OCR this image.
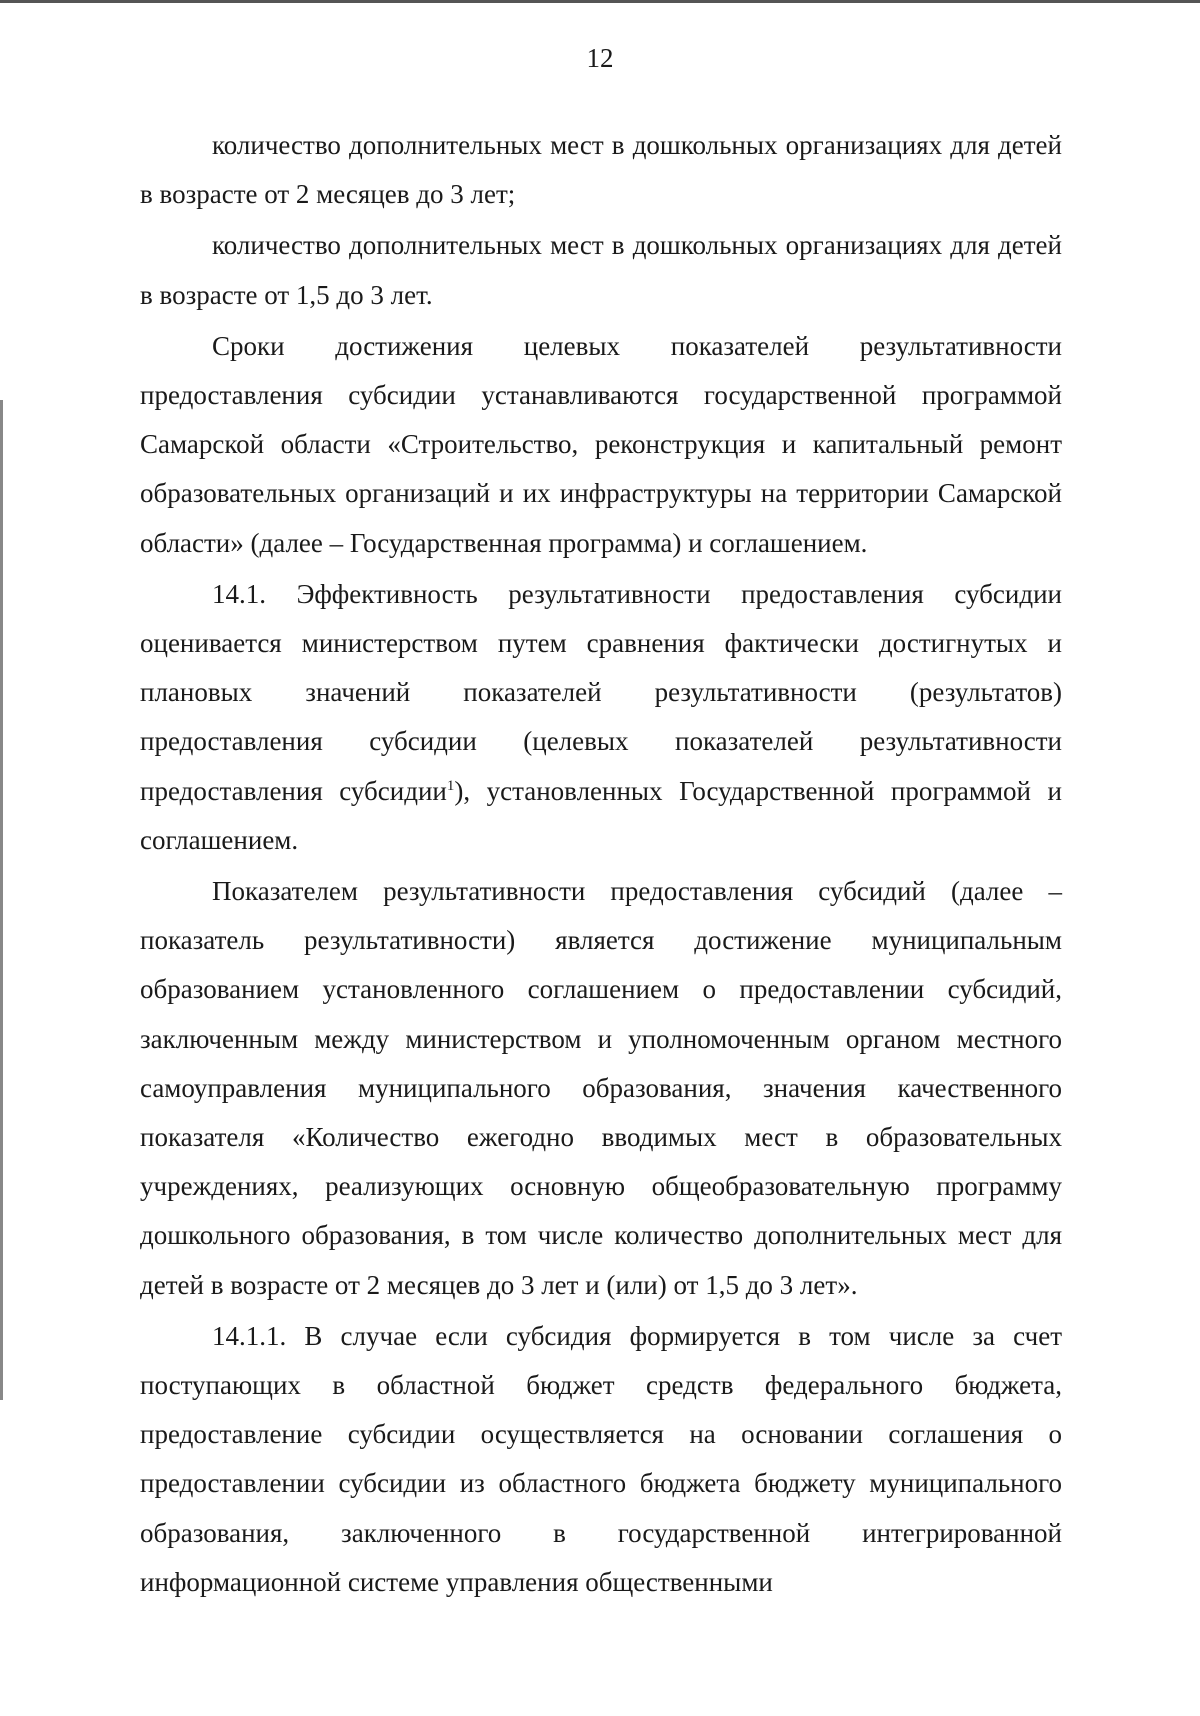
12

количество дополнительных мест в дошкольных организациях для детей в возрасте от 2 месяцев до 3 лет;

количество дополнительных мест в дошкольных организациях для детей в возрасте от 1,5 до 3 лет.

Сроки достижения целевых показателей результативности предоставления субсидии устанавливаются государственной программой Самарской области «Строительство, реконструкция и капитальный ремонт образовательных организаций и их инфраструктуры на территории Самарской области» (далее – Государственная программа) и соглашением.

14.1. Эффективность результативности предоставления субсидии оценивается министерством путем сравнения фактически достигнутых и плановых значений показателей результативности (результатов) предоставления субсидии (целевых показателей результативности предоставления субсидии$^1$), установленных Государственной программой и соглашением.

Показателем результативности предоставления субсидий (далее – показатель результативности) является достижение муниципальным образованием установленного соглашением о предоставлении субсидий, заключенным между министерством и уполномоченным органом местного самоуправления муниципального образования, значения качественного показателя «Количество ежегодно вводимых мест в образовательных учреждениях, реализующих основную общеобразовательную программу дошкольного образования, в том числе количество дополнительных мест для детей в возрасте от 2 месяцев до 3 лет и (или) от 1,5 до 3 лет».

14.1.1. В случае если субсидия формируется в том числе за счет поступающих в областной бюджет средств федерального бюджета, предоставление субсидии осуществляется на основании соглашения о предоставлении субсидии из областного бюджета бюджету муниципального образования, заключенного в государственной интегрированной информационной системе управления общественными
